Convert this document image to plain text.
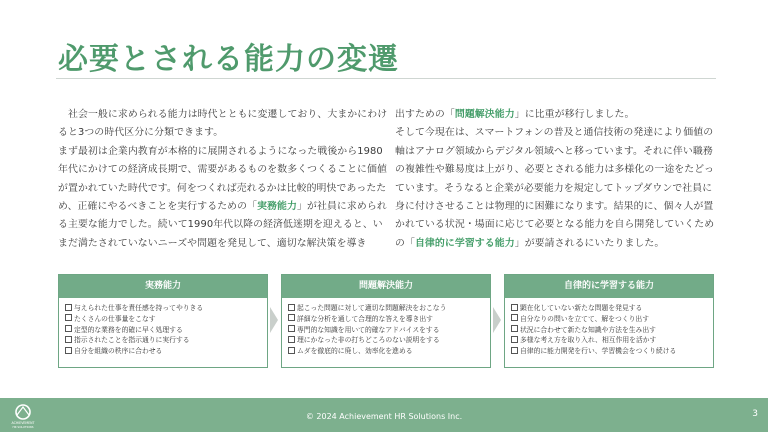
必要とされる能力の変遷

社会一般に求められる能力は時代とともに変遷しており、大まかにわけると3つの時代区分に分類できます。

まず最初は企業内教育が本格的に展開されるようになった戦後から1980年代にかけての経済成長期で、需要があるものを数多くつくることに価値が置かれていた時代です。何をつくれば売れるかは比較的明快であったため、正確にやるべきことを実行するための「実務能力」が社員に求められる主要な能力でした。続いて1990年代以降の経済低迷期を迎えると、いまだ満たされていないニーズや問題を発見して、適切な解決策を導き

出すための「問題解決能力」に比重が移行しました。

そして今現在は、スマートフォンの普及と通信技術の発達により価値の軸はアナログ領域からデジタル領域へと移っています。それに伴い職務の複雑性や難易度は上がり、必要とされる能力は多様化の一途をたどっています。そうなると企業が必要能力を規定してトップダウンで社員に身に付けさせることは物理的に困難になります。結果的に、個々人が置かれている状況・場面に応じて必要となる能力を自ら開発していくための「自律的に学習する能力」が要請されるにいたりました。

実務能力
与えられた仕事を責任感を持ってやりきる
たくさんの仕事量をこなす
定型的な業務を的確に早く処理する
指示されたことを指示通りに実行する
自分を組織の秩序に合わせる
問題解決能力
起こった問題に対して適切な問題解決をおこなう
詳細な分析を通して合理的な答えを導き出す
専門的な知識を用いて的確なアドバイスをする
理にかなった非の打ちどころのない説明をする
ムダを徹底的に廃し、効率化を進める
自律的に学習する能力
顕在化していない新たな問題を発見する
自分なりの問いを立てて、解をつくり出す
状況に合わせて新たな知識や方法を生み出す
多様な考え方を取り入れ、相互作用を活かす
自律的に能力開発を行い、学習機会をつくり続ける
ACHIEVEMENT
HR SOLUTIONS
© 2024 Achievement HR Solutions Inc.	3
